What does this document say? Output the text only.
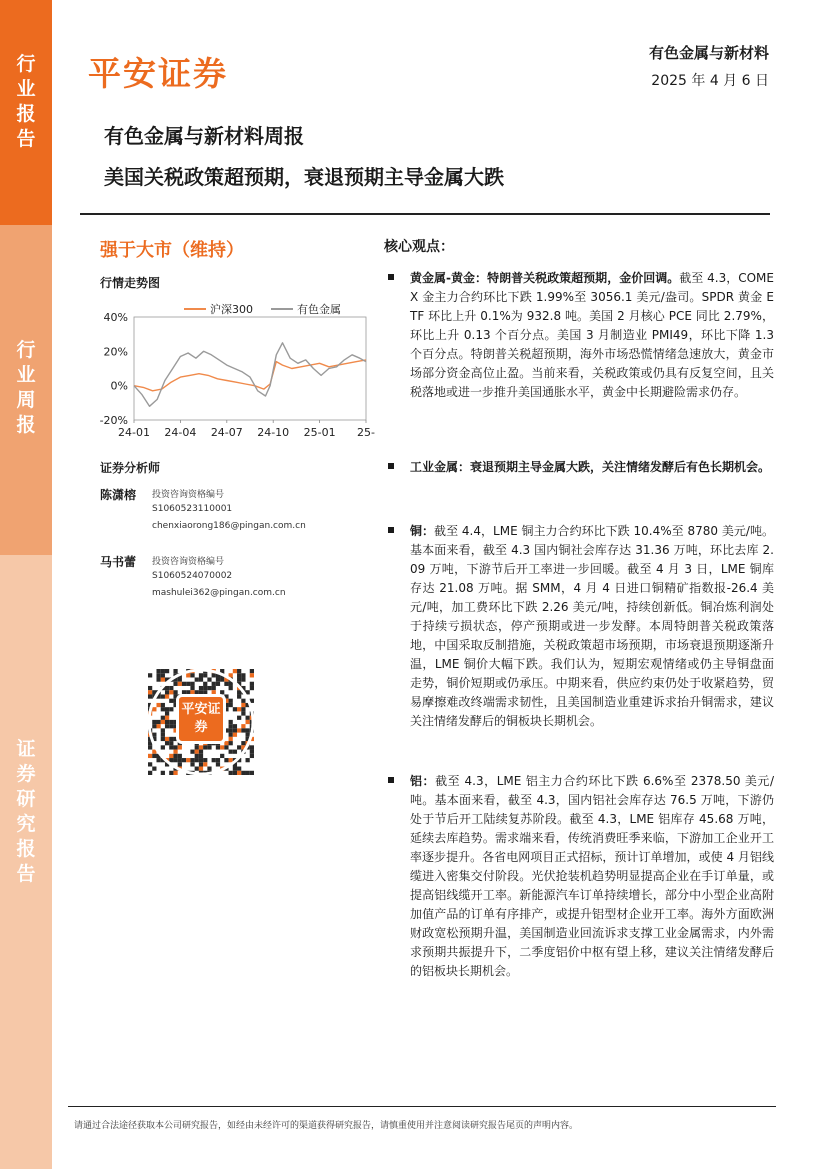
行业报告
行业周报
证券研究报告
平安证券
有色金属与新材料
2025 年 4 月 6 日
有色金属与新材料周报
美国关税政策超预期，衰退预期主导金属大跌
强于大市（维持）
行情走势图
40%
20%
0%
-20%
24-01 24-04 24-07 24-10 25-01 25-
沪深300	有色金属
证券分析师
陈潇榕 投资咨询资格编号
S1060523110001
chenxiaorong186@pingan.com.cn
马书蕾 投资咨询资格编号
S1060524070002
mashulei362@pingan.com.cn
平安证券
核心观点：
黄金属-黄金：特朗普关税政策超预期，金价回调。截至 4.3，COMEX 金主力合约环比下跌 1.99%至 3056.1 美元/盎司。SPDR 黄金 ETF 环比上升 0.1%为 932.8 吨。美国 2 月核心 PCE 同比 2.79%，环比上升 0.13 个百分点。美国 3 月制造业 PMI49，环比下降 1.3 个百分点。特朗普关税超预期，海外市场恐慌情绪急速放大，黄金市场部分资金高位止盈。当前来看，关税政策或仍具有反复空间，且关税落地或进一步推升美国通胀水平，黄金中长期避险需求仍存。
工业金属：衰退预期主导金属大跌，关注情绪发酵后有色长期机会。
铜：截至 4.4，LME 铜主力合约环比下跌 10.4%至 8780 美元/吨。基本面来看，截至 4.3 国内铜社会库存达 31.36 万吨，环比去库 2.09 万吨，下游节后开工率进一步回暖。截至 4 月 3 日，LME 铜库存达 21.08 万吨。据 SMM，4 月 4 日进口铜精矿指数报-26.4 美元/吨，加工费环比下跌 2.26 美元/吨，持续创新低。铜冶炼利润处于持续亏损状态，停产预期或进一步发酵。本周特朗普关税政策落地，中国采取反制措施，关税政策超市场预期，市场衰退预期逐渐升温，LME 铜价大幅下跌。我们认为，短期宏观情绪或仍主导铜盘面走势，铜价短期或仍承压。中期来看，供应约束仍处于收紧趋势，贸易摩擦难改终端需求韧性，且美国制造业重建诉求抬升铜需求，建议关注情绪发酵后的铜板块长期机会。
铝：截至 4.3，LME 铝主力合约环比下跌 6.6%至 2378.50 美元/吨。基本面来看，截至 4.3，国内铝社会库存达 76.5 万吨，下游仍处于节后开工陆续复苏阶段。截至 4.3，LME 铝库存 45.68 万吨，延续去库趋势。需求端来看，传统消费旺季来临，下游加工企业开工率逐步提升。各省电网项目正式招标，预计订单增加，或使 4 月铝线缆进入密集交付阶段。光伏抢装机趋势明显提高企业在手订单量，或提高铝线缆开工率。新能源汽车订单持续增长，部分中小型企业高附加值产品的订单有序排产，或提升铝型材企业开工率。海外方面欧洲财政宽松预期升温，美国制造业回流诉求支撑工业金属需求，内外需求预期共振提升下，二季度铝价中枢有望上移，建议关注情绪发酵后的铝板块长期机会。
请通过合法途径获取本公司研究报告，如经由未经许可的渠道获得研究报告，请慎重使用并注意阅读研究报告尾页的声明内容。
